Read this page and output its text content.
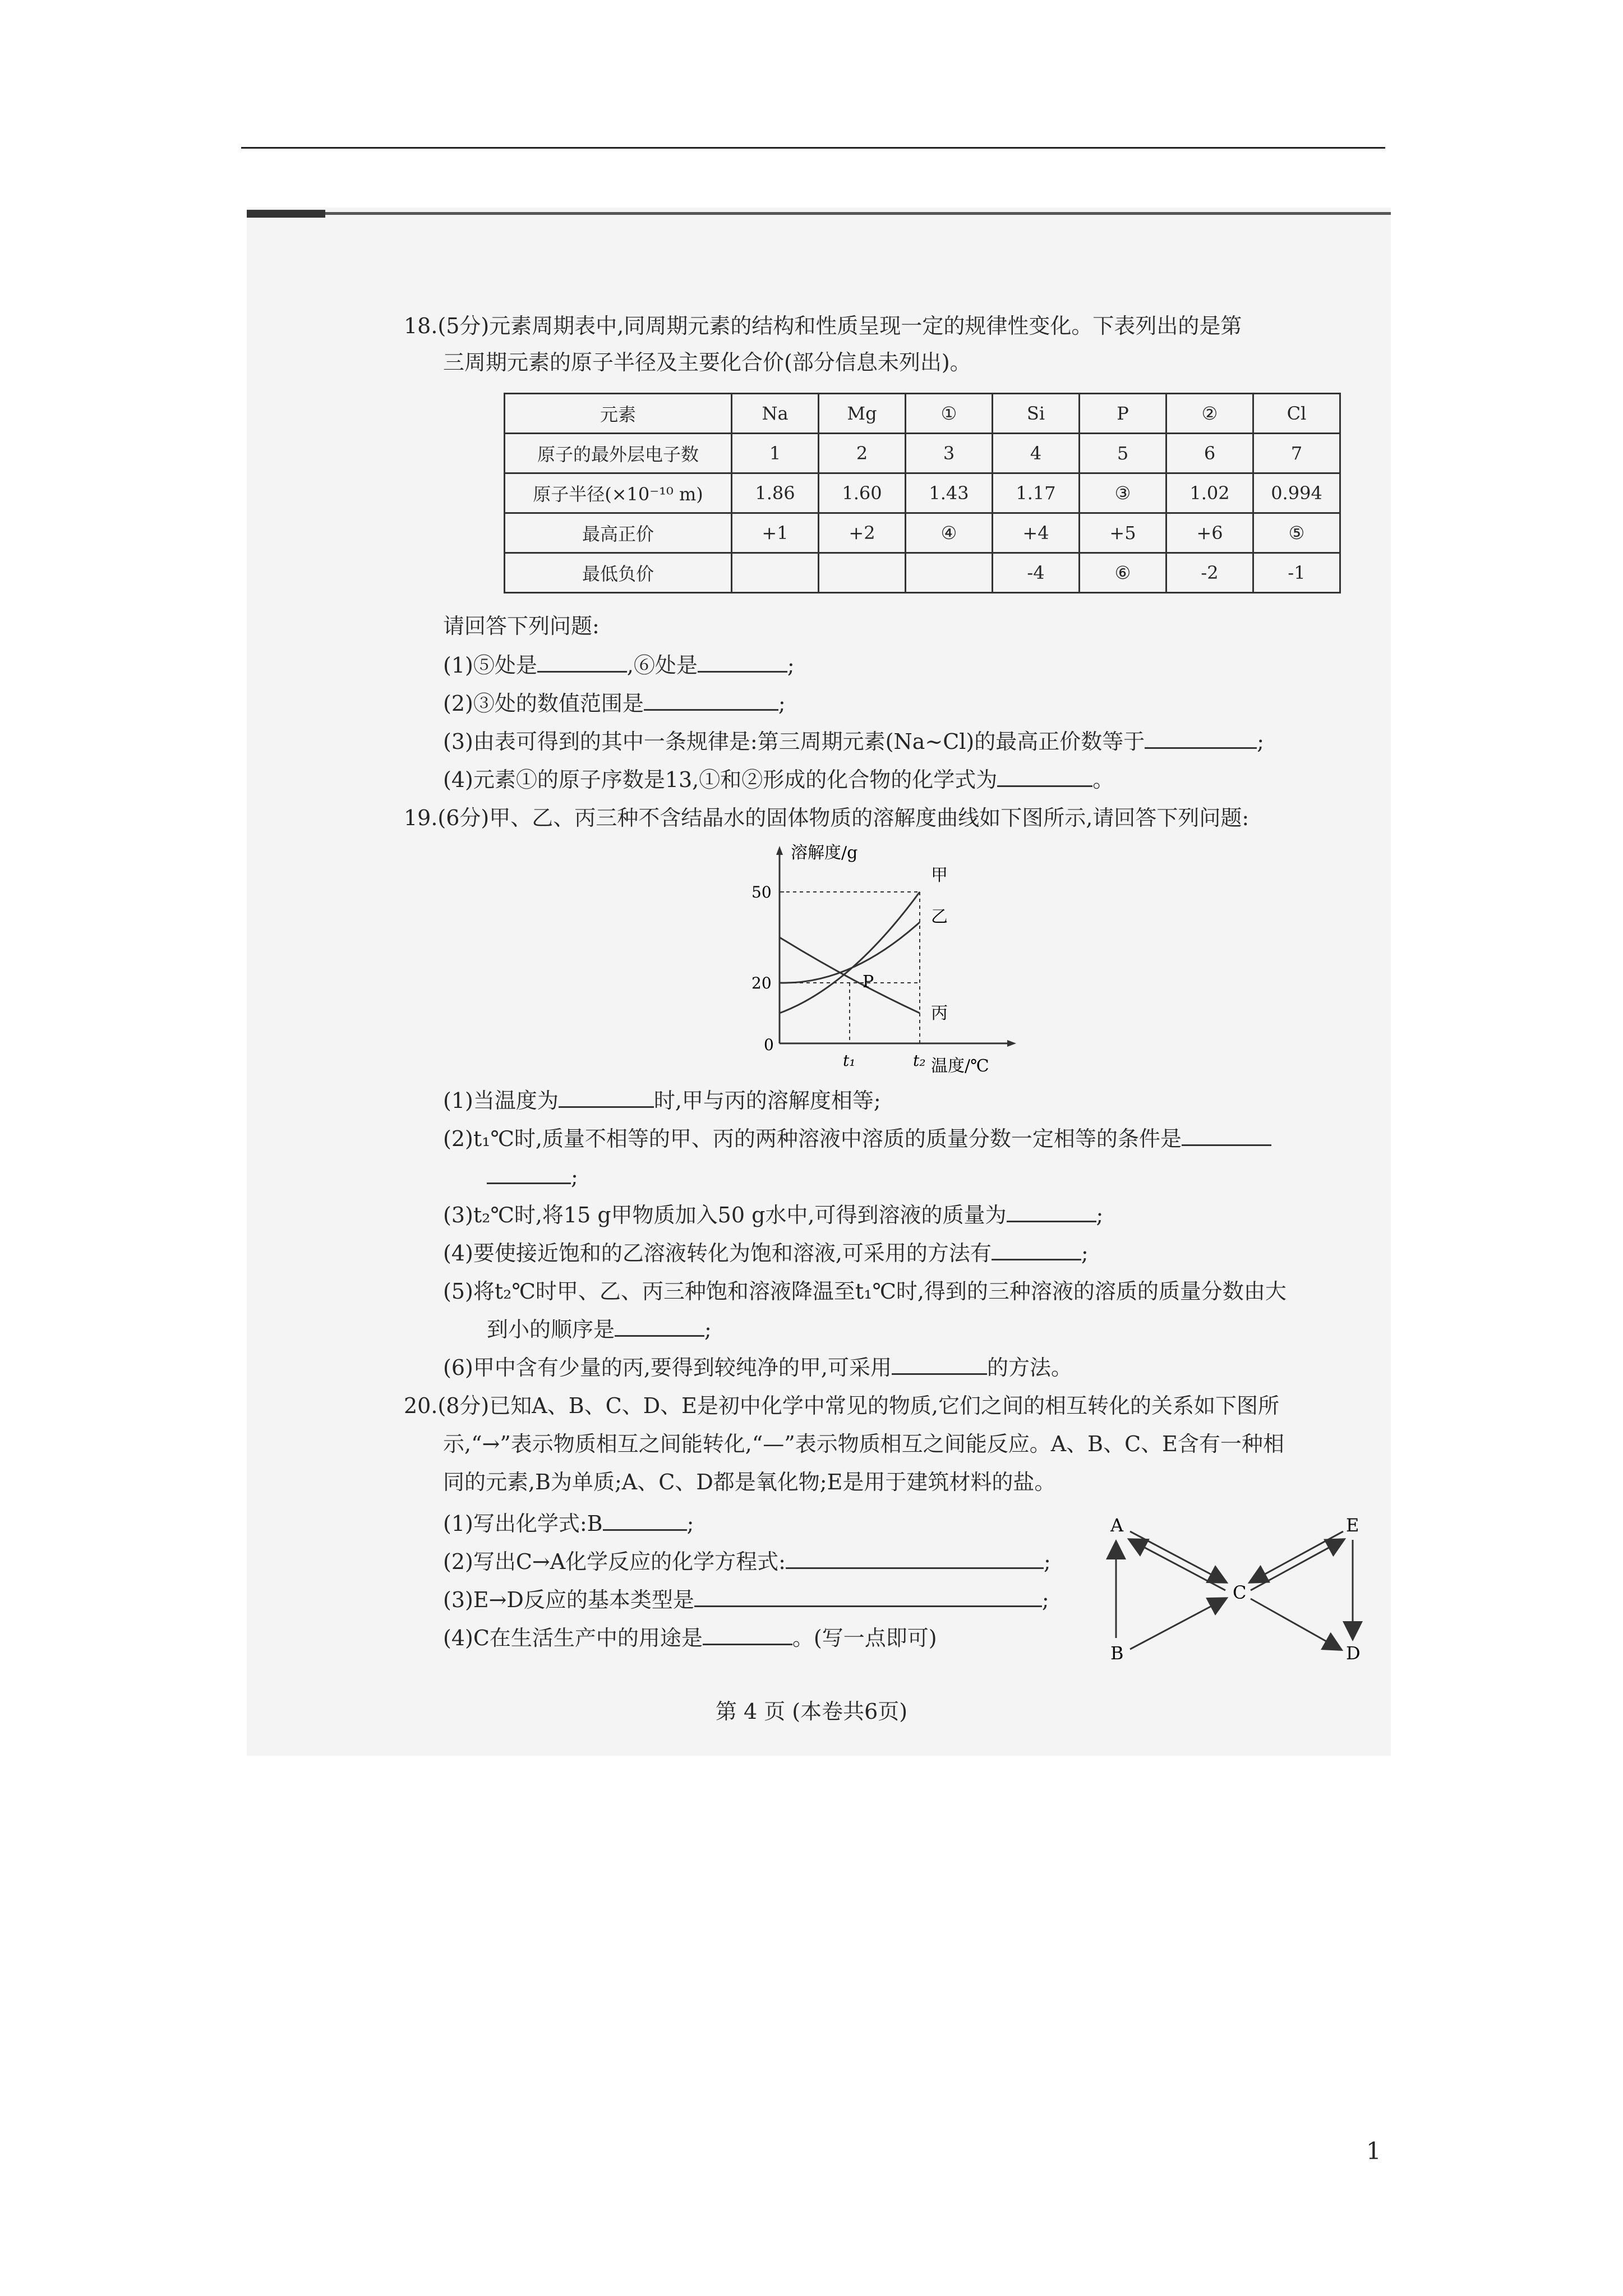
18.(5分)元素周期表中,同周期元素的结构和性质呈现一定的规律性变化。下表列出的是第
三周期元素的原子半径及主要化合价(部分信息未列出)。
元素	Na	Mg	①	Si	P	②	Cl
原子的最外层电子数	1	2	3	4	5	6	7
原子半径(×10⁻¹⁰ m)	1.86	1.60	1.43	1.17	③	1.02	0.994
最高正价	+1	+2	④	+4	+5	+6	⑤
最低负价				-4	⑥	-2	-1
请回答下列问题:
(1)⑤处是	,⑥处是	;
(2)③处的数值范围是	;
(3)由表可得到的其中一条规律是:第三周期元素(Na~Cl)的最高正价数等于	;
(4)元素①的原子序数是13,①和②形成的化合物的化学式为	。
19.(6分)甲、乙、丙三种不含结晶水的固体物质的溶解度曲线如下图所示,请回答下列问题:
溶解度/g
温度/℃
0
20
50
t₁	t₂
甲
乙
丙
P
(1)当温度为	时,甲与丙的溶解度相等;
(2)t₁℃时,质量不相等的甲、丙的两种溶液中溶质的质量分数一定相等的条件是
;
(3)t₂℃时,将15 g甲物质加入50 g水中,可得到溶液的质量为	;
(4)要使接近饱和的乙溶液转化为饱和溶液,可采用的方法有	;
(5)将t₂℃时甲、乙、丙三种饱和溶液降温至t₁℃时,得到的三种溶液的溶质的质量分数由大
到小的顺序是	;
(6)甲中含有少量的丙,要得到较纯净的甲,可采用	的方法。
20.(8分)已知A、B、C、D、E是初中化学中常见的物质,它们之间的相互转化的关系如下图所
示,“→”表示物质相互之间能转化,“—”表示物质相互之间能反应。A、B、C、E含有一种相
同的元素,B为单质;A、C、D都是氧化物;E是用于建筑材料的盐。
(1)写出化学式:B	;
(2)写出C→A化学反应的化学方程式:	;
(3)E→D反应的基本类型是	;
(4)C在生活生产中的用途是	。(写一点即可)
A
B
C
D
E
第 4 页 (本卷共6页)
1
